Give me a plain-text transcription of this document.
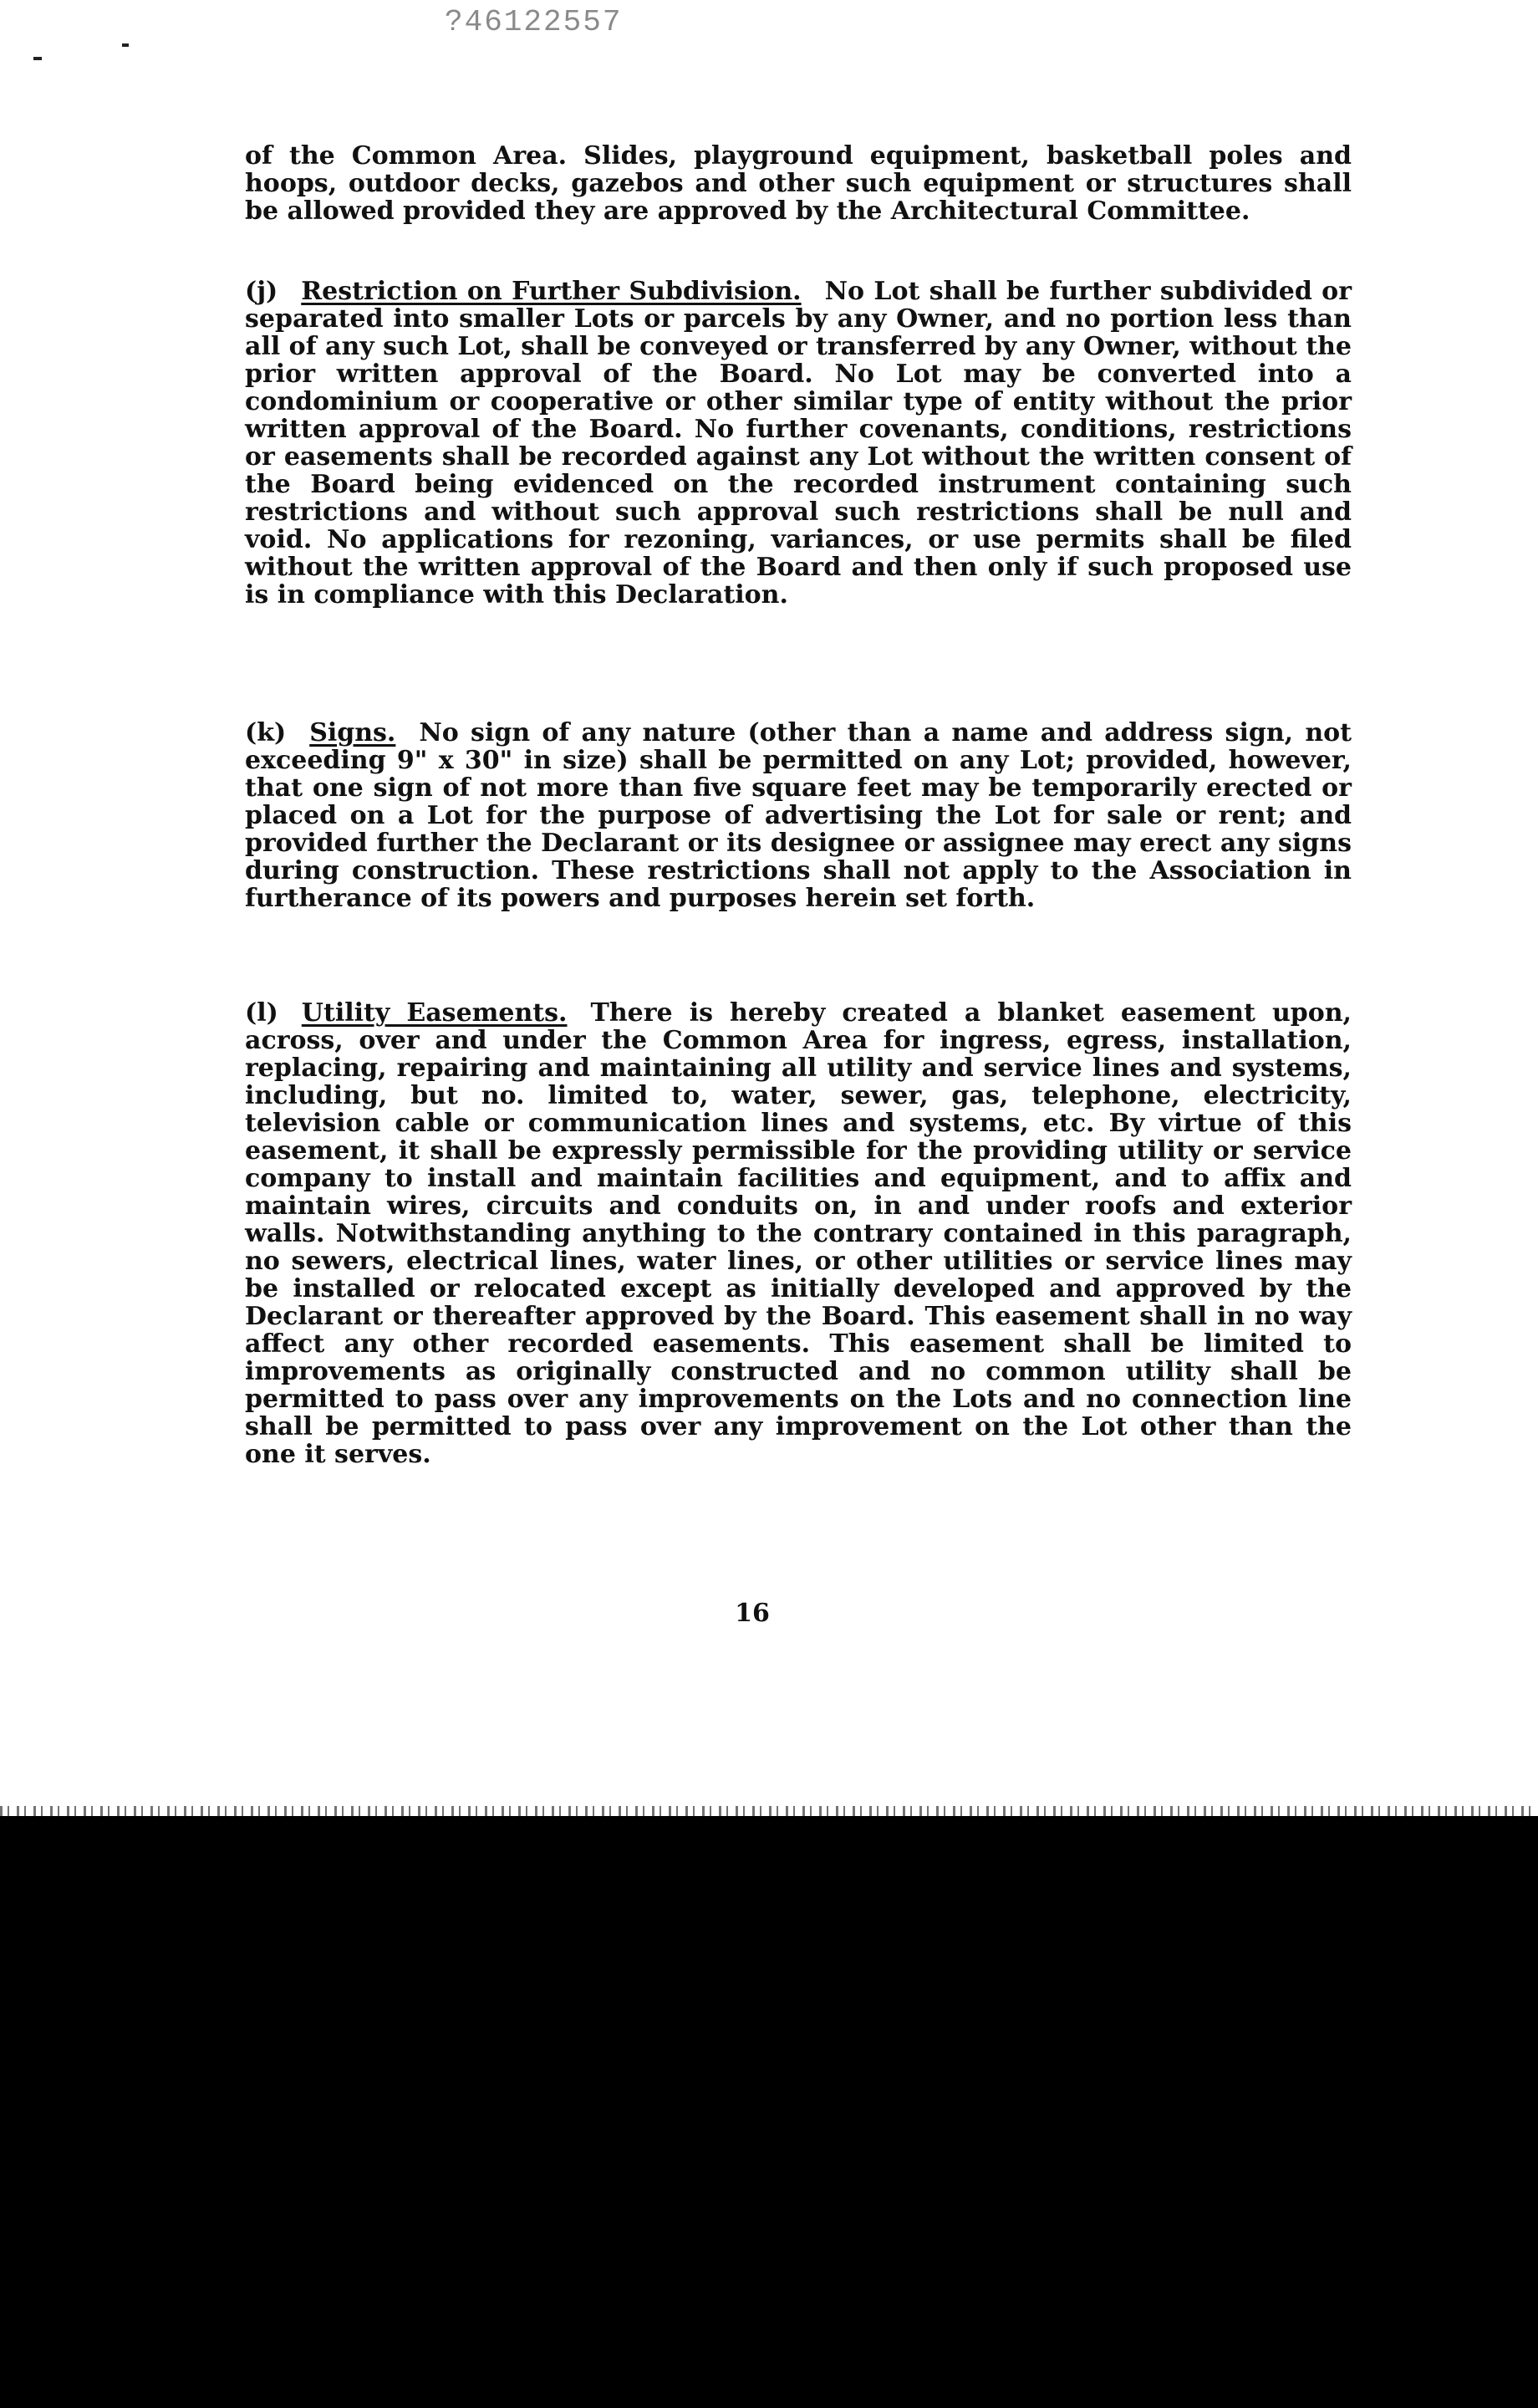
?46122557

of the Common Area. Slides, playground equipment, basketball poles and hoops, outdoor decks, gazebos and other such equipment or structures shall be allowed provided they are approved by the Architectural Committee.

(j) Restriction on Further Subdivision. No Lot shall be further subdivided or separated into smaller Lots or parcels by any Owner, and no portion less than all of any such Lot, shall be conveyed or transferred by any Owner, without the prior written approval of the Board. No Lot may be converted into a condominium or cooperative or other similar type of entity without the prior written approval of the Board. No further covenants, conditions, restrictions or easements shall be recorded against any Lot without the written consent of the Board being evidenced on the recorded instrument containing such restrictions and without such approval such restrictions shall be null and void. No applications for rezoning, variances, or use permits shall be filed without the written approval of the Board and then only if such proposed use is in compliance with this Declaration.

(k) Signs. No sign of any nature (other than a name and address sign, not exceeding 9" x 30" in size) shall be permitted on any Lot; provided, however, that one sign of not more than five square feet may be temporarily erected or placed on a Lot for the purpose of advertising the Lot for sale or rent; and provided further the Declarant or its designee or assignee may erect any signs during construction. These restrictions shall not apply to the Association in furtherance of its powers and purposes herein set forth.

(l) Utility Easements. There is hereby created a blanket easement upon, across, over and under the Common Area for ingress, egress, installation, replacing, repairing and maintaining all utility and service lines and systems, including, but no. limited to, water, sewer, gas, telephone, electricity, television cable or communication lines and systems, etc. By virtue of this easement, it shall be expressly permissible for the providing utility or service company to install and maintain facilities and equipment, and to affix and maintain wires, circuits and conduits on, in and under roofs and exterior walls. Notwithstanding anything to the contrary contained in this paragraph, no sewers, electrical lines, water lines, or other utilities or service lines may be installed or relocated except as initially developed and approved by the Declarant or thereafter approved by the Board. This easement shall in no way affect any other recorded easements. This easement shall be limited to improvements as originally constructed and no common utility shall be permitted to pass over any improvements on the Lots and no connection line shall be permitted to pass over any improvement on the Lot other than the one it serves.

16
